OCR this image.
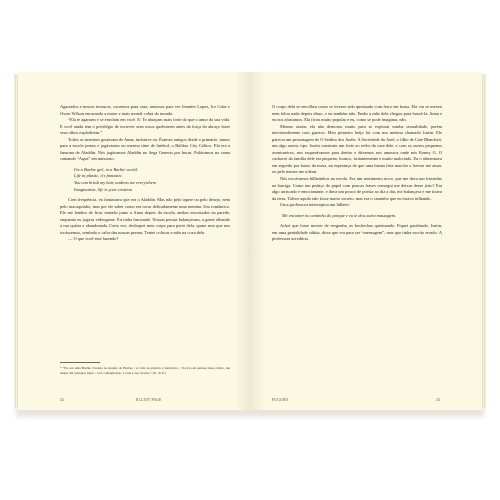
Agarrados a nossos tesouros, corremos para casa, ansiosos para ver Jennifer Lopez, Ice Cube e Owen Wilson encarando a maior e mais mortal cobra do mundo.

“Ela te agarram e se enrolam em você. E: Te abraçam mais forte do que o amor da sua vida. E você ainda tem o privilégio de escrever seus ossos quebrarem antes da força do abraço fazer seus olhos explodirem.”

Todos os meninos gostavam de Anna, inclusive eu. Éramos amigos desde o primário, íamos para a escola juntos e jogávamos no mesmo time de futebol, o Halifax City Celtics. Ela era a fanzona de Aladdin. Nós jogávamos Aladdin no Sega Genesis por horas. Pulávamos na cama cantando “Aqua” em uníssono.

I'm a Barbie girl, in a Barbie world.
Life in plastic, it's fantastic.
You can brush my hair, undress me everywhere.
Imagination, life is your creation

Com frequência, eu fantasiava que era o Aladdin. Mas não pelo tapete ou pelo desejo, nem pelo macaquinho, mas por ele saber como era tocar delicadamente uma menina. Um romântico. Ele me lembro de ficar sentado junto a Anna depois da escola, ambos encostados na parede, enquanto eu jogava videogame. Eu tinha fascinado. Nossas peruas balançavam, a gente olhando a rua quieta e abandonada. Certa vez, desloquei meu corpo para perto dela, quase sem que nos tocássemos, sentindo o calor das nossas pernas. Tentei colocar a mão na coxa dela.

— O que você está fazendo?

* “Eu sou uma Barbie vivendo no mundo da Barbie. / A vida de plástico é fantástica. / Você pode pentear meu cabelo, me despir em qualquer lugar. / Use a imaginação, a vida é sua criação.” (N. do E.)
32	ELLIOT PAGE

O corpo dela se encolheu como se tivesse sido queimado com ferro em brasa. Ela viu se mexeu nem falou nada depois disso, e eu também não. Então a mão dela chegou para buscá-la. Anna e eu nos afastamos. Ela ficou muito popular e eu, como se pode imaginar, não.

Mesmo assim, ela não demorou muito para se explorar minha sexualidade, porém inevitavelmente com garotos. Meu primeiro beijo foi com um menino chamado Justin. Ele parecia um personagem de O Senhor dos Anéis: A Sociedade do Anel, o filho de Cate Blanchett, um algo assim, tipo. Justin construiu um forte ao redor da casa dele, e com os outros pequenos aventureiros, nos esquerávamos para dentro e dávamos nos amassos onde nós Kenny G. O cachorro da família dele era pequeno, branco, irritantemente e muito malcriado. Eu o alimentava em segredo por baixo da mesa, na esperança de que uma batata frita marcha o fizesse me amar, ou pelo menos me tolerar.

Nós trocávamos bilhetinhos na escola. Era um sentimento novo, que me dava um friozinho na barriga. Como um pedaço de papel com poucas frases consegui me deixar desse jeito? Era algo arriscado e emocionante, e dava um pouco de poesia ao dia a dia, me balançava e me tirava da terra. Talvez aquilo não fosse muito correto, mas era o caminho que eu estava trilhando.

Uma professora interceptou um bilhete:

Me encontre no cantinho do parque e eu te dou outra massagem.

Achei que fosse morrer de vergonha, as bochechas queimando. Fiquei paralisado, Justin, em uma genialidade súbita, disse que era para ser “mensagem”, mas que tinha escrito errado. A professora acreditou.

FUGUEO	33
